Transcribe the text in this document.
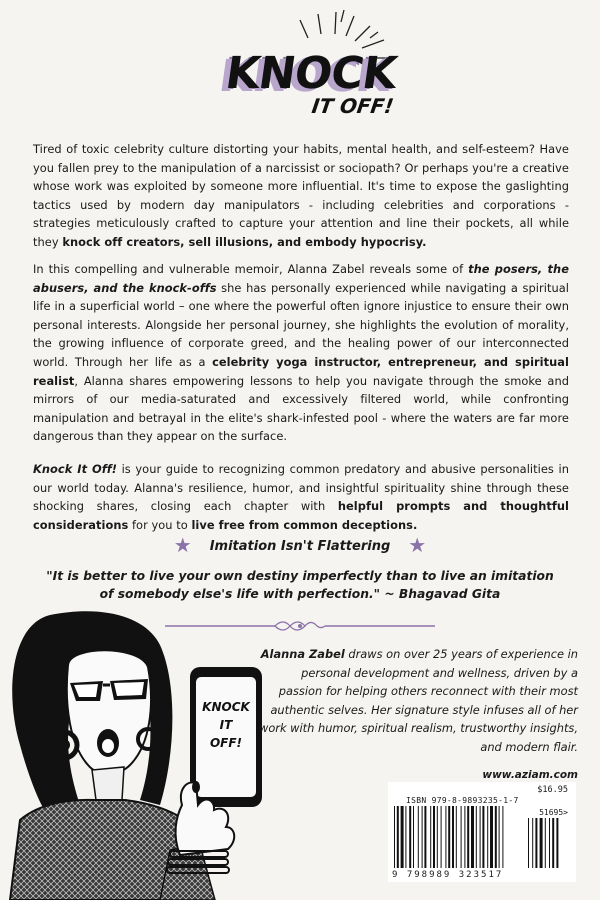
KNOCK
IT OFF!

Tired of toxic celebrity culture distorting your habits, mental health, and self-esteem? Have you fallen prey to the manipulation of a narcissist or sociopath? Or perhaps you're a creative whose work was exploited by someone more influential. It's time to expose the gaslighting tactics used by modern day manipulators - including celebrities and corporations - strategies meticulously crafted to capture your attention and line their pockets, all while they knock off creators, sell illusions, and embody hypocrisy.

In this compelling and vulnerable memoir, Alanna Zabel reveals some of the posers, the abusers, and the knock-offs she has personally experienced while navigating a spiritual life in a superficial world – one where the powerful often ignore injustice to ensure their own personal interests. Alongside her personal journey, she highlights the evolution of morality, the growing influence of corporate greed, and the healing power of our interconnected world. Through her life as a celebrity yoga instructor, entrepreneur, and spiritual realist, Alanna shares empowering lessons to help you navigate through the smoke and mirrors of our media-saturated and excessively filtered world, while confronting manipulation and betrayal in the elite's shark-infested pool - where the waters are far more dangerous than they appear on the surface.

Knock It Off! is your guide to recognizing common predatory and abusive personalities in our world today. Alanna's resilience, humor, and insightful spirituality shine through these shocking shares, closing each chapter with helpful prompts and thoughtful considerations for you to live free from common deceptions.

★ Imitation Isn't Flattering ★
"It is better to live your own destiny imperfectly than to live an imitation of somebody else's life with perfection." ~ Bhagavad Gita
KNOCK
IT
OFF!
Alanna Zabel draws on over 25 years of experience in personal development and wellness, driven by a passion for helping others reconnect with their most authentic selves. Her signature style infuses all of her work with humor, spiritual realism, trustworthy insights, and modern flair.
www.aziam.com
$16.95
ISBN 979-8-9893235-1-7
51695>
9 798989 323517
